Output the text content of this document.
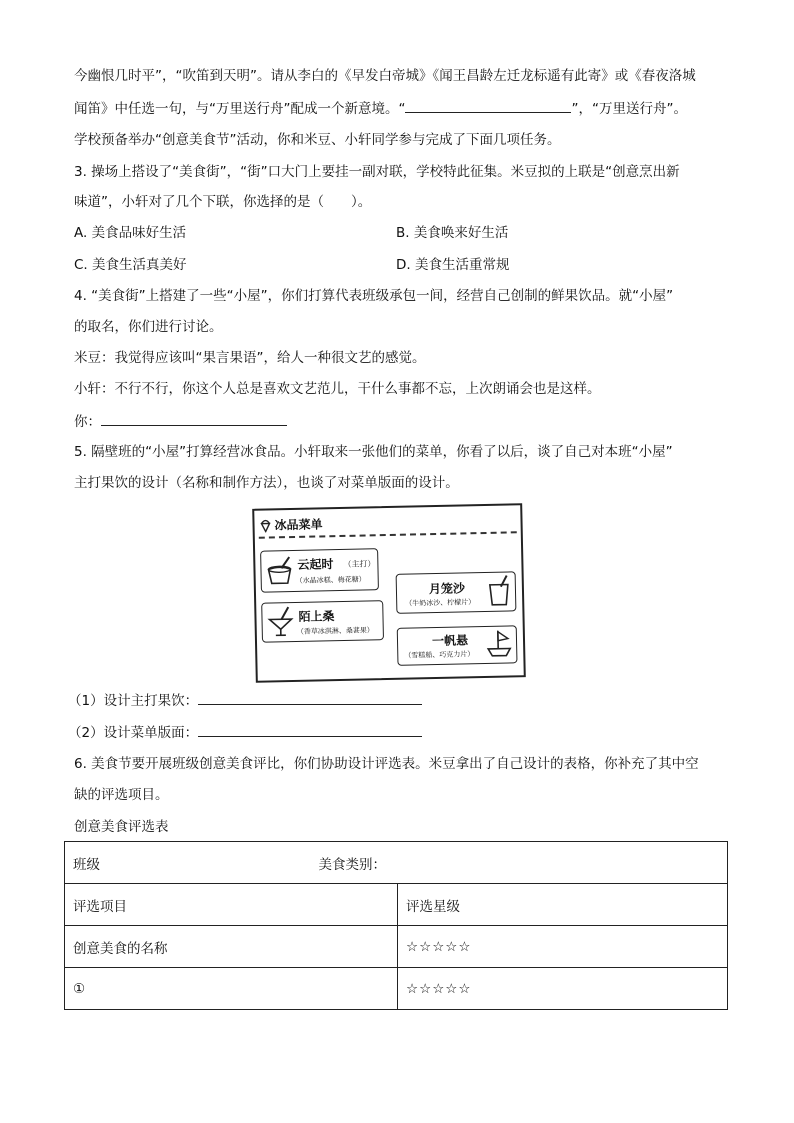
今幽恨几时平”，“吹笛到天明”。请从李白的《早发白帝城》《闻王昌龄左迁龙标遥有此寄》或《春夜洛城
闻笛》中任选一句，与“万里送行舟”配成一个新意境。“	”，“万里送行舟”。
学校预备举办“创意美食节”活动，你和米豆、小轩同学参与完成了下面几项任务。
3. 操场上搭设了“美食街”，“街”口大门上要挂一副对联，学校特此征集。米豆拟的上联是“创意烹出新
味道”，小轩对了几个下联，你选择的是（　　）。
A. 美食品味好生活	B. 美食唤来好生活
C. 美食生活真美好	D. 美食生活重常规
4. “美食街”上搭建了一些“小屋”，你们打算代表班级承包一间，经营自己创制的鲜果饮品。就“小屋”
的取名，你们进行讨论。
米豆：我觉得应该叫“果言果语”，给人一种很文艺的感觉。
小轩：不行不行，你这个人总是喜欢文艺范儿，干什么事都不忘，上次朗诵会也是这样。
你：
5. 隔壁班的“小屋”打算经营冰食品。小轩取来一张他们的菜单，你看了以后，谈了自己对本班“小屋”
主打果饮的设计（名称和制作方法），也谈了对菜单版面的设计。
冰品菜单
云起时 （主打）
（水晶冰糕、梅花糖）
月笼沙
（牛奶冰沙、柠檬片）
陌上桑
（香草冰淇淋、桑葚果）
一帆悬
（雪糕船、巧克力片）
（1）设计主打果饮：
（2）设计菜单版面：
6. 美食节要开展班级创意美食评比，你们协助设计评选表。米豆拿出了自己设计的表格，你补充了其中空
缺的评选项目。
创意美食评选表
班级 美食类别：	

评选项目	评选星级
创意美食的名称	☆☆☆☆☆
①	☆☆☆☆☆
